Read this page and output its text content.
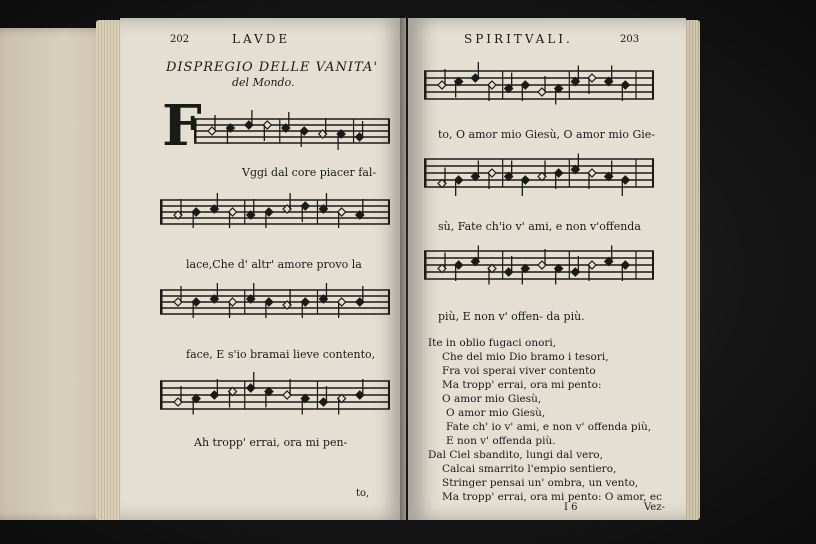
202	LAVDE
DISPREGIO DELLE VANITA'
del Mondo.
F
Vggi dal core piacer fal-
lace,Che d' altr' amore provo la
face, E s'io bramai lieve contento,
Ah tropp' errai, ora mi pen-
to,
SPIRITVALI.	203
to, O amor mio Giesù, O amor mio Gie-
sù, Fate ch'io v' ami, e non v'offenda
più, E non v' offen- da più.
Ite in oblio fugaci onori,
Che del mio Dio bramo i tesori,
Fra voi sperai viver contento
Ma tropp' errai, ora mi pento:
O amor mio Giesù,
O amor mio Giesù,
Fate ch' io v' ami, e non v' offenda più,
E non v' offenda più.
Dal Ciel sbandito, lungi dal vero,
Calcai smarrito l'empio sentiero,
Stringer pensai un' ombra, un vento,
Ma tropp' errai, ora mi pento: O amor, ec
I 6	Vez-
